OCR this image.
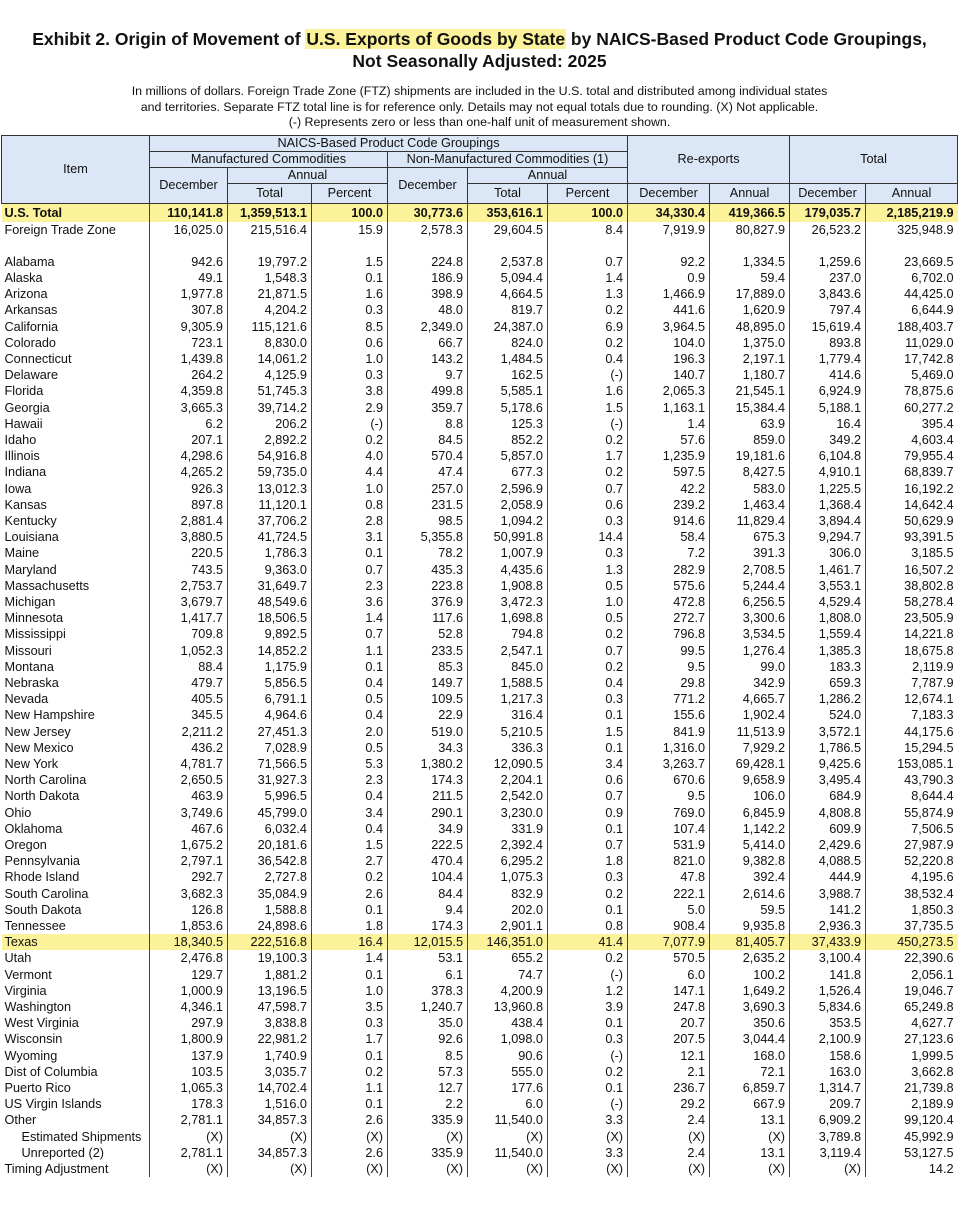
Exhibit 2. Origin of Movement of U.S. Exports of Goods by State by NAICS-Based Product Code Groupings,
Not Seasonally Adjusted: 2025
In millions of dollars. Foreign Trade Zone (FTZ) shipments are included in the U.S. total and distributed among individual states
and territories. Separate FTZ total line is for reference only. Details may not equal totals due to rounding. (X) Not applicable.
(-) Represents zero or less than one-half unit of measurement shown.
Item	NAICS-Based Product Code Groupings						Re-exports		Total	
	Manufactured Commodities			Non-Manufactured Commodities (1)						
	December	Annual		December	Annual					
		Total	Percent		Total	Percent	December	Annual	December	Annual
U.S. Total	110,141.8	1,359,513.1	100.0	30,773.6	353,616.1	100.0	34,330.4	419,366.5	179,035.7	2,185,219.9
Foreign Trade Zone	16,025.0	215,516.4	15.9	2,578.3	29,604.5	8.4	7,919.9	80,827.9	26,523.2	325,948.9

Alabama	942.6	19,797.2	1.5	224.8	2,537.8	0.7	92.2	1,334.5	1,259.6	23,669.5
Alaska	49.1	1,548.3	0.1	186.9	5,094.4	1.4	0.9	59.4	237.0	6,702.0
Arizona	1,977.8	21,871.5	1.6	398.9	4,664.5	1.3	1,466.9	17,889.0	3,843.6	44,425.0
Arkansas	307.8	4,204.2	0.3	48.0	819.7	0.2	441.6	1,620.9	797.4	6,644.9
California	9,305.9	115,121.6	8.5	2,349.0	24,387.0	6.9	3,964.5	48,895.0	15,619.4	188,403.7
Colorado	723.1	8,830.0	0.6	66.7	824.0	0.2	104.0	1,375.0	893.8	11,029.0
Connecticut	1,439.8	14,061.2	1.0	143.2	1,484.5	0.4	196.3	2,197.1	1,779.4	17,742.8
Delaware	264.2	4,125.9	0.3	9.7	162.5	(-)	140.7	1,180.7	414.6	5,469.0
Florida	4,359.8	51,745.3	3.8	499.8	5,585.1	1.6	2,065.3	21,545.1	6,924.9	78,875.6
Georgia	3,665.3	39,714.2	2.9	359.7	5,178.6	1.5	1,163.1	15,384.4	5,188.1	60,277.2
Hawaii	6.2	206.2	(-)	8.8	125.3	(-)	1.4	63.9	16.4	395.4
Idaho	207.1	2,892.2	0.2	84.5	852.2	0.2	57.6	859.0	349.2	4,603.4
Illinois	4,298.6	54,916.8	4.0	570.4	5,857.0	1.7	1,235.9	19,181.6	6,104.8	79,955.4
Indiana	4,265.2	59,735.0	4.4	47.4	677.3	0.2	597.5	8,427.5	4,910.1	68,839.7
Iowa	926.3	13,012.3	1.0	257.0	2,596.9	0.7	42.2	583.0	1,225.5	16,192.2
Kansas	897.8	11,120.1	0.8	231.5	2,058.9	0.6	239.2	1,463.4	1,368.4	14,642.4
Kentucky	2,881.4	37,706.2	2.8	98.5	1,094.2	0.3	914.6	11,829.4	3,894.4	50,629.9
Louisiana	3,880.5	41,724.5	3.1	5,355.8	50,991.8	14.4	58.4	675.3	9,294.7	93,391.5
Maine	220.5	1,786.3	0.1	78.2	1,007.9	0.3	7.2	391.3	306.0	3,185.5
Maryland	743.5	9,363.0	0.7	435.3	4,435.6	1.3	282.9	2,708.5	1,461.7	16,507.2
Massachusetts	2,753.7	31,649.7	2.3	223.8	1,908.8	0.5	575.6	5,244.4	3,553.1	38,802.8
Michigan	3,679.7	48,549.6	3.6	376.9	3,472.3	1.0	472.8	6,256.5	4,529.4	58,278.4
Minnesota	1,417.7	18,506.5	1.4	117.6	1,698.8	0.5	272.7	3,300.6	1,808.0	23,505.9
Mississippi	709.8	9,892.5	0.7	52.8	794.8	0.2	796.8	3,534.5	1,559.4	14,221.8
Missouri	1,052.3	14,852.2	1.1	233.5	2,547.1	0.7	99.5	1,276.4	1,385.3	18,675.8
Montana	88.4	1,175.9	0.1	85.3	845.0	0.2	9.5	99.0	183.3	2,119.9
Nebraska	479.7	5,856.5	0.4	149.7	1,588.5	0.4	29.8	342.9	659.3	7,787.9
Nevada	405.5	6,791.1	0.5	109.5	1,217.3	0.3	771.2	4,665.7	1,286.2	12,674.1
New Hampshire	345.5	4,964.6	0.4	22.9	316.4	0.1	155.6	1,902.4	524.0	7,183.3
New Jersey	2,211.2	27,451.3	2.0	519.0	5,210.5	1.5	841.9	11,513.9	3,572.1	44,175.6
New Mexico	436.2	7,028.9	0.5	34.3	336.3	0.1	1,316.0	7,929.2	1,786.5	15,294.5
New York	4,781.7	71,566.5	5.3	1,380.2	12,090.5	3.4	3,263.7	69,428.1	9,425.6	153,085.1
North Carolina	2,650.5	31,927.3	2.3	174.3	2,204.1	0.6	670.6	9,658.9	3,495.4	43,790.3
North Dakota	463.9	5,996.5	0.4	211.5	2,542.0	0.7	9.5	106.0	684.9	8,644.4
Ohio	3,749.6	45,799.0	3.4	290.1	3,230.0	0.9	769.0	6,845.9	4,808.8	55,874.9
Oklahoma	467.6	6,032.4	0.4	34.9	331.9	0.1	107.4	1,142.2	609.9	7,506.5
Oregon	1,675.2	20,181.6	1.5	222.5	2,392.4	0.7	531.9	5,414.0	2,429.6	27,987.9
Pennsylvania	2,797.1	36,542.8	2.7	470.4	6,295.2	1.8	821.0	9,382.8	4,088.5	52,220.8
Rhode Island	292.7	2,727.8	0.2	104.4	1,075.3	0.3	47.8	392.4	444.9	4,195.6
South Carolina	3,682.3	35,084.9	2.6	84.4	832.9	0.2	222.1	2,614.6	3,988.7	38,532.4
South Dakota	126.8	1,588.8	0.1	9.4	202.0	0.1	5.0	59.5	141.2	1,850.3
Tennessee	1,853.6	24,898.6	1.8	174.3	2,901.1	0.8	908.4	9,935.8	2,936.3	37,735.5
Texas	18,340.5	222,516.8	16.4	12,015.5	146,351.0	41.4	7,077.9	81,405.7	37,433.9	450,273.5
Utah	2,476.8	19,100.3	1.4	53.1	655.2	0.2	570.5	2,635.2	3,100.4	22,390.6
Vermont	129.7	1,881.2	0.1	6.1	74.7	(-)	6.0	100.2	141.8	2,056.1
Virginia	1,000.9	13,196.5	1.0	378.3	4,200.9	1.2	147.1	1,649.2	1,526.4	19,046.7
Washington	4,346.1	47,598.7	3.5	1,240.7	13,960.8	3.9	247.8	3,690.3	5,834.6	65,249.8
West Virginia	297.9	3,838.8	0.3	35.0	438.4	0.1	20.7	350.6	353.5	4,627.7
Wisconsin	1,800.9	22,981.2	1.7	92.6	1,098.0	0.3	207.5	3,044.4	2,100.9	27,123.6
Wyoming	137.9	1,740.9	0.1	8.5	90.6	(-)	12.1	168.0	158.6	1,999.5
Dist of Columbia	103.5	3,035.7	0.2	57.3	555.0	0.2	2.1	72.1	163.0	3,662.8
Puerto Rico	1,065.3	14,702.4	1.1	12.7	177.6	0.1	236.7	6,859.7	1,314.7	21,739.8
US Virgin Islands	178.3	1,516.0	0.1	2.2	6.0	(-)	29.2	667.9	209.7	2,189.9
Other	2,781.1	34,857.3	2.6	335.9	11,540.0	3.3	2.4	13.1	6,909.2	99,120.4
Estimated Shipments	(X)	(X)	(X)	(X)	(X)	(X)	(X)	(X)	3,789.8	45,992.9
Unreported (2)	2,781.1	34,857.3	2.6	335.9	11,540.0	3.3	2.4	13.1	3,119.4	53,127.5
Timing Adjustment	(X)	(X)	(X)	(X)	(X)	(X)	(X)	(X)	(X)	14.2
